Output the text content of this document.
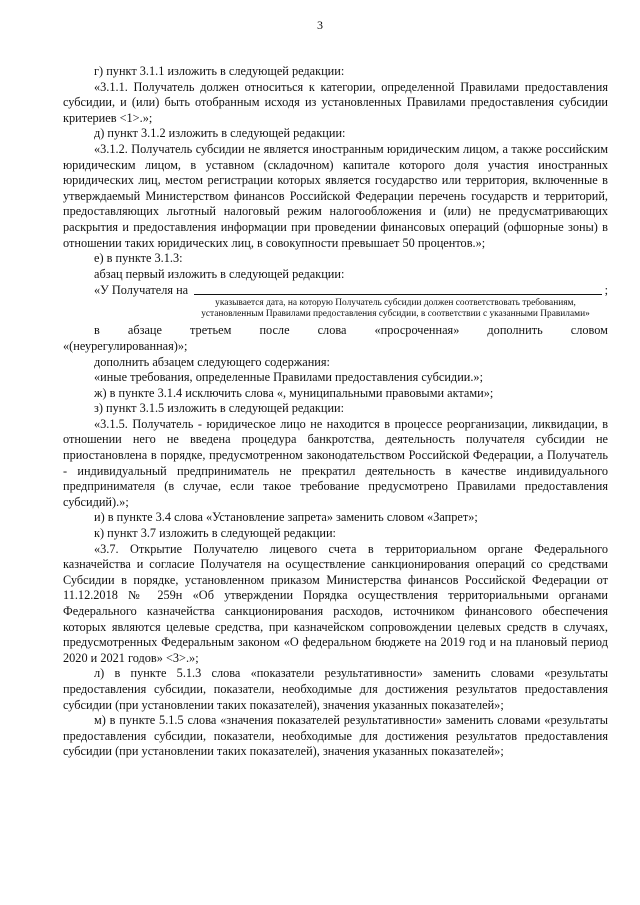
3

г) пункт 3.1.1 изложить в следующей редакции:

«3.1.1. Получатель должен относиться к категории, определенной Правилами предоставления субсидии, и (или) быть отобранным исходя из установленных Правилами предоставления субсидии критериев <1>.»;

д) пункт 3.1.2 изложить в следующей редакции:

«3.1.2. Получатель субсидии не является иностранным юридическим лицом, а также российским юридическим лицом, в уставном (складочном) капитале которого доля участия иностранных юридических лиц, местом регистрации которых является государство или территория, включенные в утверждаемый Министерством финансов Российской Федерации перечень государств и территорий, предоставляющих льготный налоговый режим налогообложения и (или) не предусматривающих раскрытия и предоставления информации при проведении финансовых операций (офшорные зоны) в отношении таких юридических лиц, в совокупности превышает 50 процентов.»;

е) в пункте 3.1.3:

абзац первый изложить в следующей редакции:

«У Получателя на	;

указывается дата, на которую Получатель субсидии должен соответствовать требованиям, установленным Правилами предоставления субсидии, в соответствии с указанными Правилами»

в абзаце третьем после слова «просроченная» дополнить словом

«(неурегулированная)»;

дополнить абзацем следующего содержания:

«иные требования, определенные Правилами предоставления субсидии.»;

ж) в пункте 3.1.4 исключить слова «, муниципальными правовыми актами»;

з) пункт 3.1.5 изложить в следующей редакции:

«3.1.5. Получатель - юридическое лицо не находится в процессе реорганизации, ликвидации, в отношении него не введена процедура банкротства, деятельность получателя субсидии не приостановлена в порядке, предусмотренном законодательством Российской Федерации, а Получатель - индивидуальный предприниматель не прекратил деятельность в качестве индивидуального предпринимателя (в случае, если такое требование предусмотрено Правилами предоставления субсидий).»;

и) в пункте 3.4 слова «Установление запрета» заменить словом «Запрет»;

к) пункт 3.7 изложить в следующей редакции:

«3.7. Открытие Получателю лицевого счета в территориальном органе Федерального казначейства и согласие Получателя на осуществление санкционирования операций со средствами Субсидии в порядке, установленном приказом Министерства финансов Российской Федерации от 11.12.2018 № 259н «Об утверждении Порядка осуществления территориальными органами Федерального казначейства санкционирования расходов, источником финансового обеспечения которых являются целевые средства, при казначейском сопровождении целевых средств в случаях, предусмотренных Федеральным законом «О федеральном бюджете на 2019 год и на плановый период 2020 и 2021 годов» <3>.»;

л) в пункте 5.1.3 слова «показатели результативности» заменить словами «результаты предоставления субсидии, показатели, необходимые для достижения результатов предоставления субсидии (при установлении таких показателей), значения указанных показателей»;

м) в пункте 5.1.5 слова «значения показателей результативности» заменить словами «результаты предоставления субсидии, показатели, необходимые для достижения результатов предоставления субсидии (при установлении таких показателей), значения указанных показателей»;
